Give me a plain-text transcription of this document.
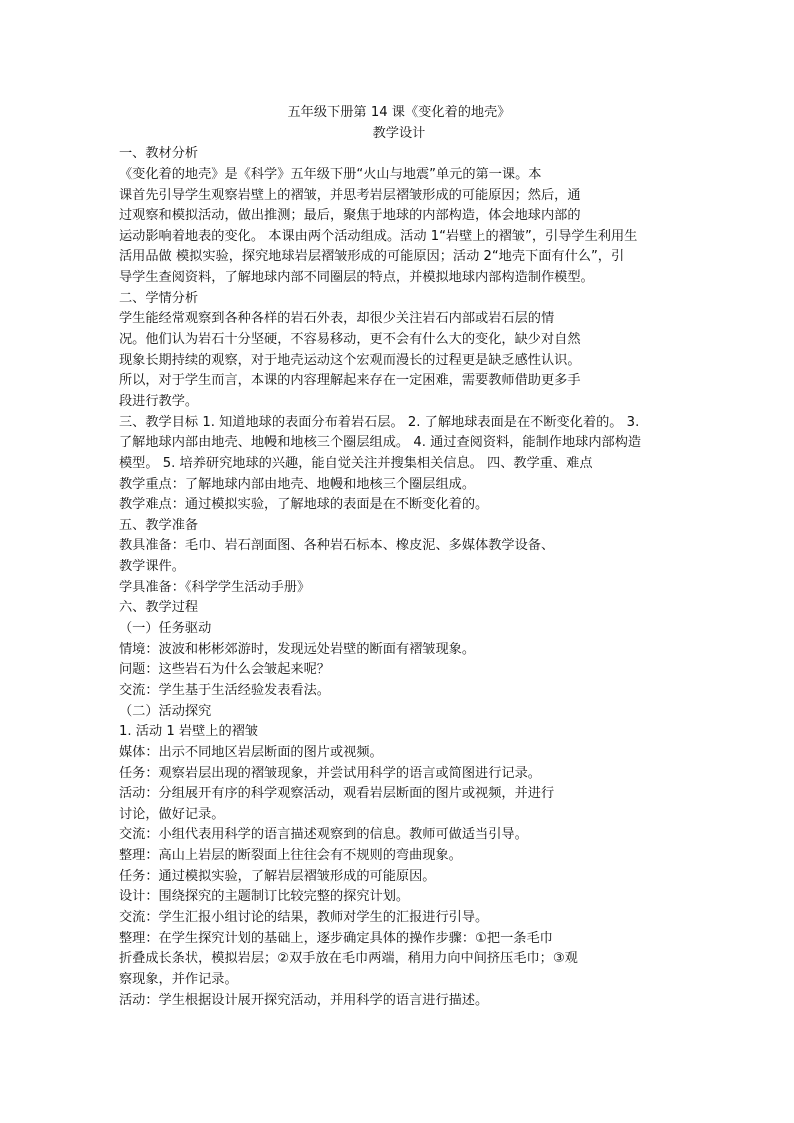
五年级下册第 14 课《变化着的地壳》
教学设计
一、教材分析
《变化着的地壳》是《科学》五年级下册“火山与地震”单元的第一课。本
课首先引导学生观察岩壁上的褶皱，并思考岩层褶皱形成的可能原因；然后，通
过观察和模拟活动，做出推测；最后，聚焦于地球的内部构造，体会地球内部的
运动影响着地表的变化。 本课由两个活动组成。活动 1“岩壁上的褶皱”，引导学生利用生
活用品做 模拟实验，探究地球岩层褶皱形成的可能原因；活动 2“地壳下面有什么”，引
导学生查阅资料，了解地球内部不同圈层的特点，并模拟地球内部构造制作模型。
二、学情分析
学生能经常观察到各种各样的岩石外表，却很少关注岩石内部或岩石层的情
况。他们认为岩石十分坚硬，不容易移动，更不会有什么大的变化，缺少对自然
现象长期持续的观察，对于地壳运动这个宏观而漫长的过程更是缺乏感性认识。
所以，对于学生而言，本课的内容理解起来存在一定困难，需要教师借助更多手
段进行教学。
三、教学目标 1. 知道地球的表面分布着岩石层。 2. 了解地球表面是在不断变化着的。 3.
了解地球内部由地壳、地幔和地核三个圈层组成。 4. 通过查阅资料，能制作地球内部构造
模型。 5. 培养研究地球的兴趣，能自觉关注并搜集相关信息。 四、教学重、难点
教学重点：了解地球内部由地壳、地幔和地核三个圈层组成。
教学难点：通过模拟实验，了解地球的表面是在不断变化着的。
五、教学准备
教具准备：毛巾、岩石剖面图、各种岩石标本、橡皮泥、多媒体教学设备、
教学课件。
学具准备：《科学学生活动手册》
六、教学过程
（一）任务驱动
情境：波波和彬彬郊游时，发现远处岩壁的断面有褶皱现象。
问题：这些岩石为什么会皱起来呢？
交流：学生基于生活经验发表看法。
（二）活动探究
1. 活动 1 岩壁上的褶皱
媒体：出示不同地区岩层断面的图片或视频。
任务：观察岩层出现的褶皱现象，并尝试用科学的语言或简图进行记录。
活动：分组展开有序的科学观察活动，观看岩层断面的图片或视频，并进行
讨论，做好记录。
交流：小组代表用科学的语言描述观察到的信息。教师可做适当引导。
整理：高山上岩层的断裂面上往往会有不规则的弯曲现象。
任务：通过模拟实验，了解岩层褶皱形成的可能原因。
设计：围绕探究的主题制订比较完整的探究计划。
交流：学生汇报小组讨论的结果，教师对学生的汇报进行引导。
整理：在学生探究计划的基础上，逐步确定具体的操作步骤：①把一条毛巾
折叠成长条状，模拟岩层；②双手放在毛巾两端，稍用力向中间挤压毛巾；③观
察现象，并作记录。
活动：学生根据设计展开探究活动，并用科学的语言进行描述。
